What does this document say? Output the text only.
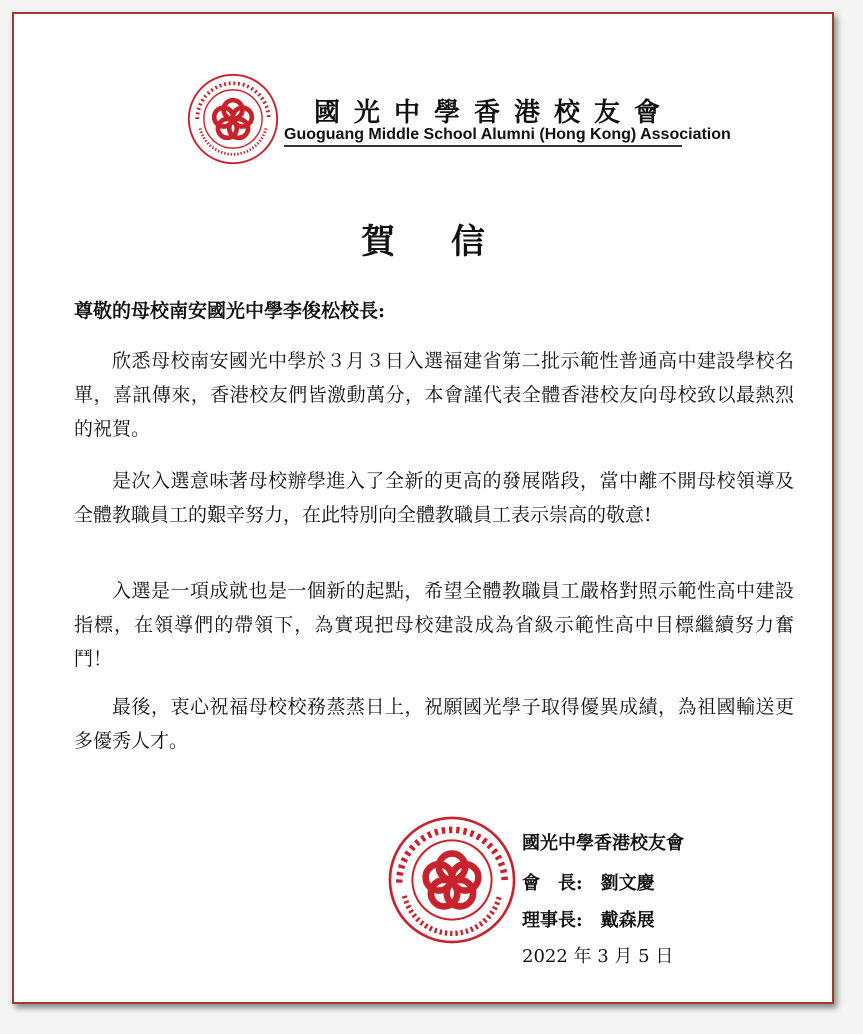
國光中學香港校友會
Guoguang Middle School Alumni (Hong Kong) Association
賀 信
尊敬的母校南安國光中學李俊松校長:
欣悉母校南安國光中學於３月３日入選福建省第二批示範性普通高中建設學校名單，喜訊傳來，香港校友們皆激動萬分，本會謹代表全體香港校友向母校致以最熱烈的祝賀。
是次入選意味著母校辦學進入了全新的更高的發展階段，當中離不開母校領導及全體教職員工的艱辛努力，在此特別向全體教職員工表示崇高的敬意!
入選是一項成就也是一個新的起點，希望全體教職員工嚴格對照示範性高中建設指標，在領導們的帶領下，為實現把母校建設成為省級示範性高中目標繼續努力奮鬥！
最後，衷心祝福母校校務蒸蒸日上，祝願國光學子取得優異成績，為祖國輸送更多優秀人才。
國光中學香港校友會
會　長:　劉文慶
理事長:　戴森展
2022 年 3 月 5 日
